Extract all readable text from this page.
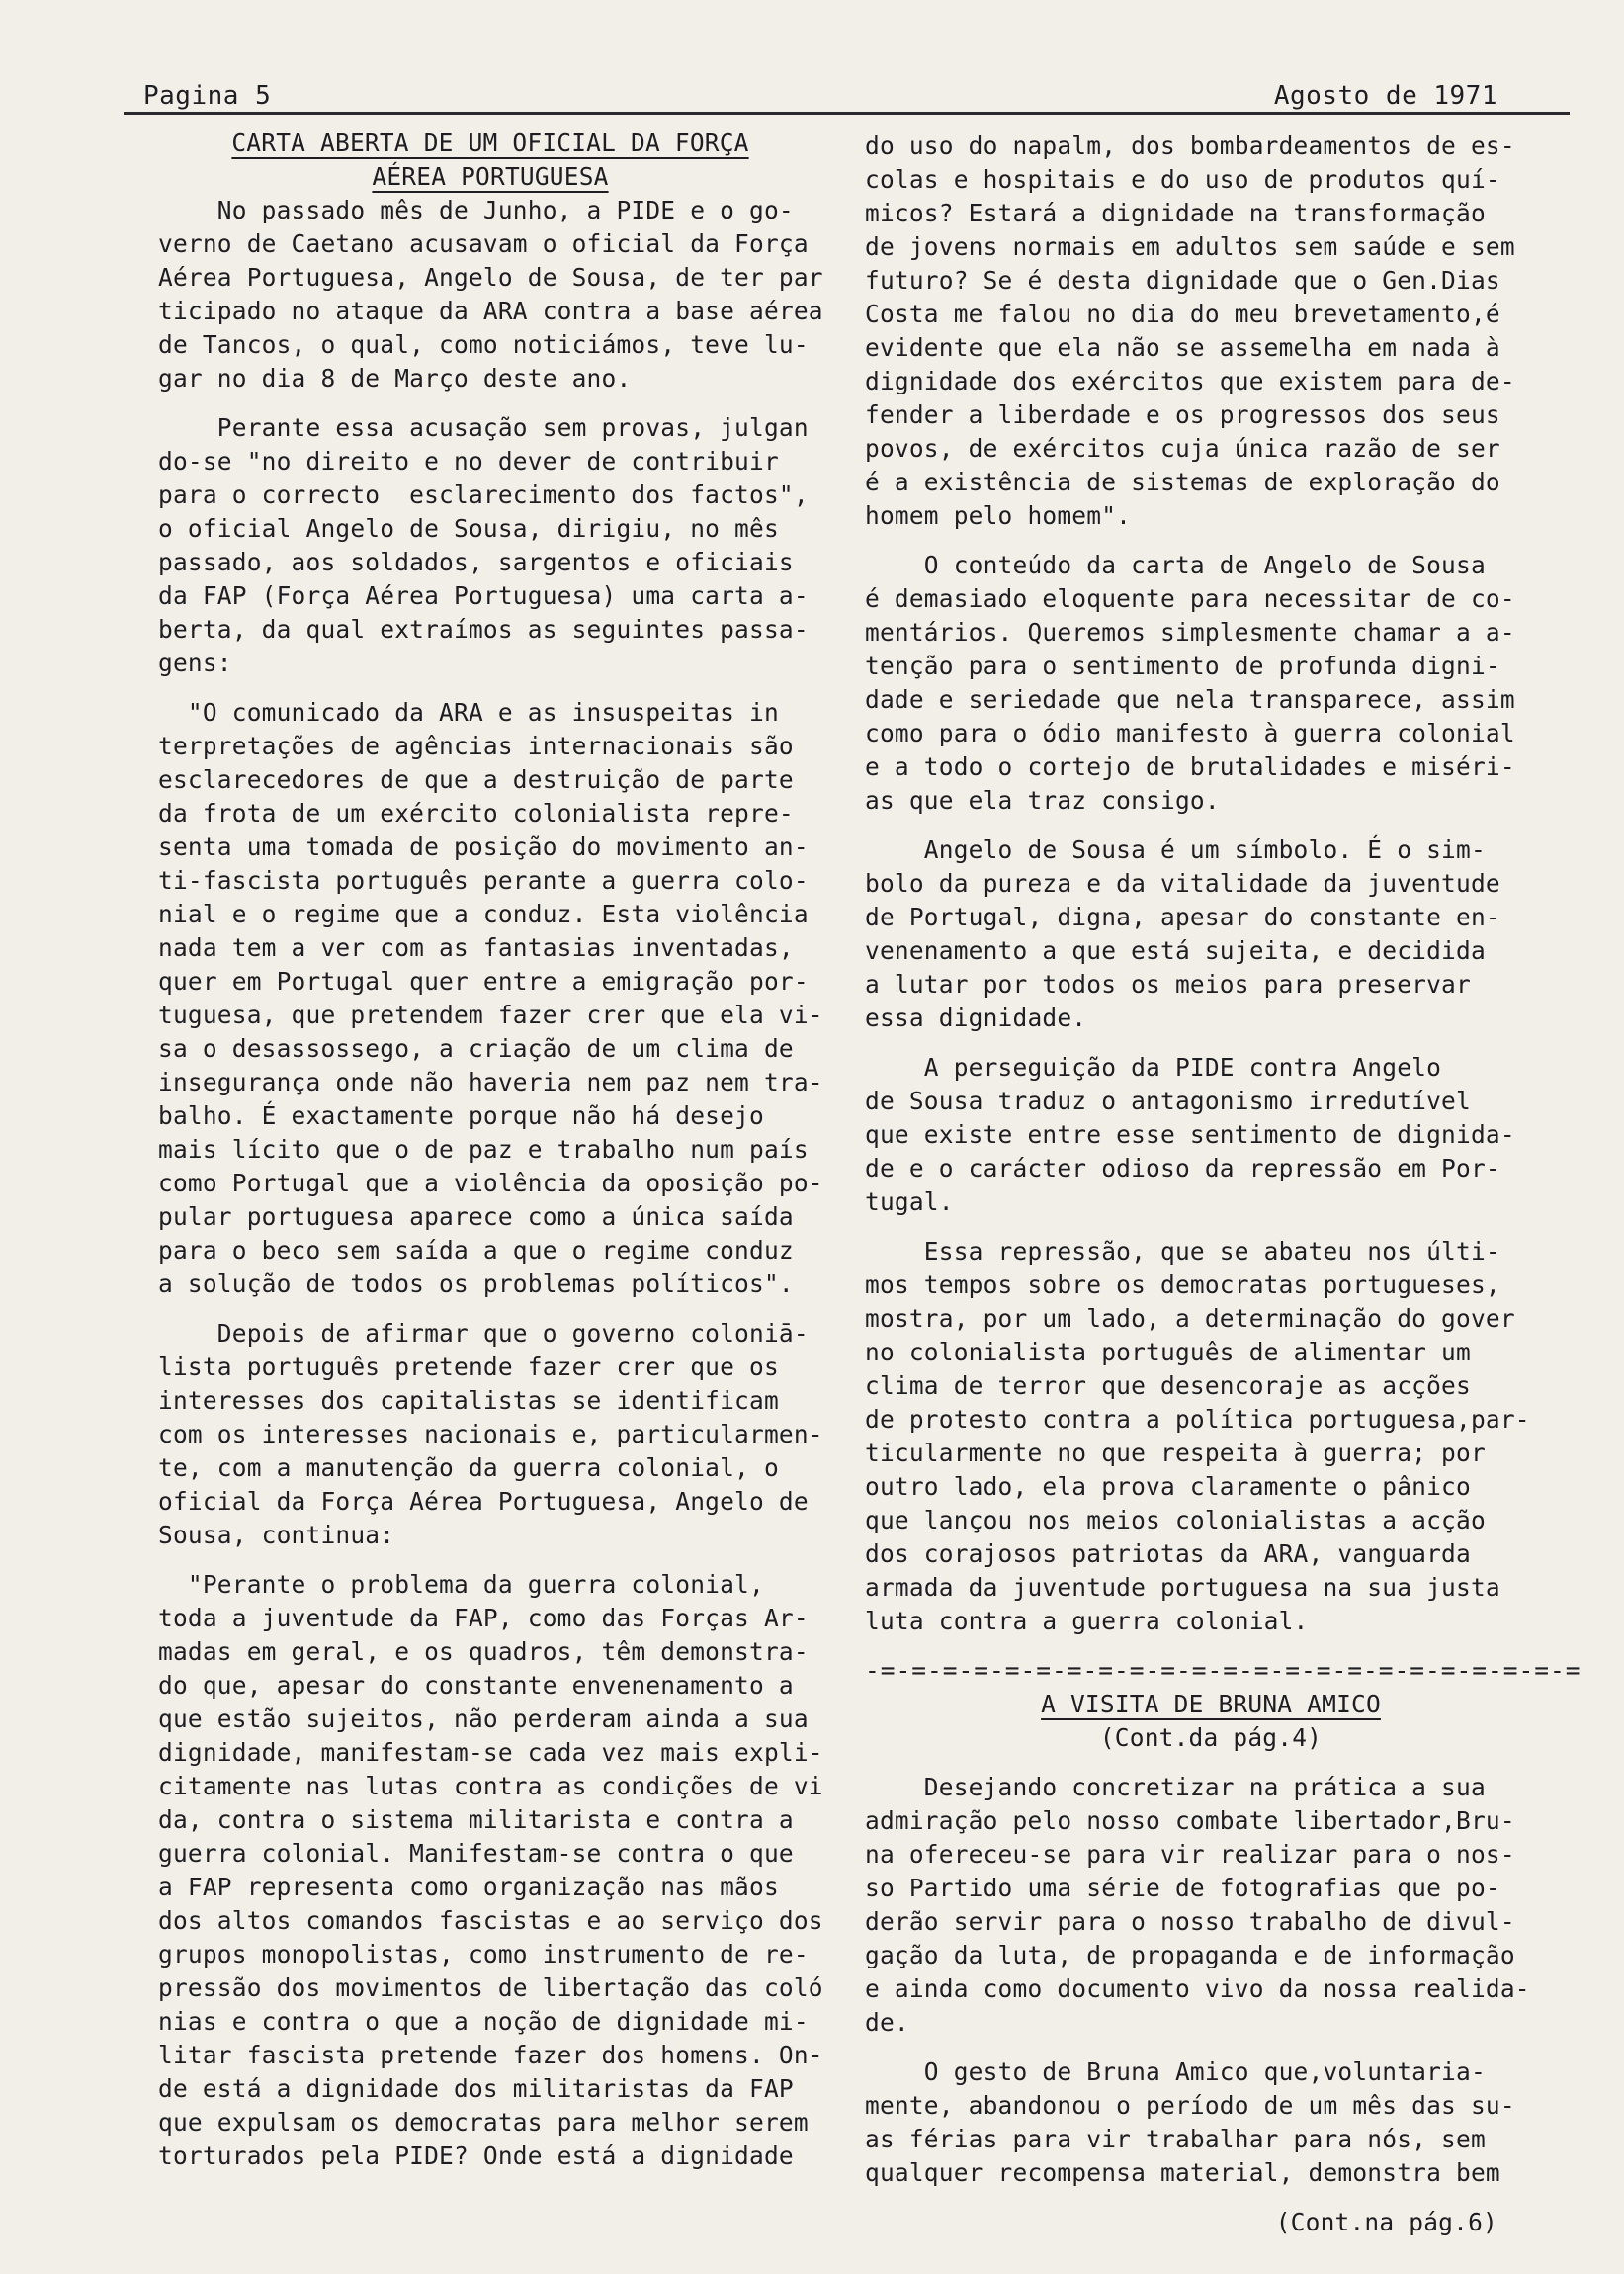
Pagina 5	Agosto de 1971
CARTA ABERTA DE UM OFICIAL DA FORÇA
AÉREA PORTUGUESA
No passado mês de Junho, a PIDE e o go-
verno de Caetano acusavam o oficial da Força
Aérea Portuguesa, Angelo de Sousa, de ter par
ticipado no ataque da ARA contra a base aérea
de Tancos, o qual, como noticiámos, teve lu-
gar no dia 8 de Março deste ano.
Perante essa acusação sem provas, julgan
do-se "no direito e no dever de contribuir
para o correcto  esclarecimento dos factos",
o oficial Angelo de Sousa, dirigiu, no mês
passado, aos soldados, sargentos e oficiais
da FAP (Força Aérea Portuguesa) uma carta a-
berta, da qual extraímos as seguintes passa-
gens:
"O comunicado da ARA e as insuspeitas in
terpretações de agências internacionais são
esclarecedores de que a destruição de parte
da frota de um exército colonialista repre-
senta uma tomada de posição do movimento an-
ti-fascista português perante a guerra colo-
nial e o regime que a conduz. Esta violência
nada tem a ver com as fantasias inventadas,
quer em Portugal quer entre a emigração por-
tuguesa, que pretendem fazer crer que ela vi-
sa o desassossego, a criação de um clima de
insegurança onde não haveria nem paz nem tra-
balho. É exactamente porque não há desejo
mais lícito que o de paz e trabalho num país
como Portugal que a violência da oposição po-
pular portuguesa aparece como a única saída
para o beco sem saída a que o regime conduz
a solução de todos os problemas políticos".
Depois de afirmar que o governo coloniā-
lista português pretende fazer crer que os
interesses dos capitalistas se identificam
com os interesses nacionais e, particularmen-
te, com a manutenção da guerra colonial, o
oficial da Força Aérea Portuguesa, Angelo de
Sousa, continua:
"Perante o problema da guerra colonial,
toda a juventude da FAP, como das Forças Ar-
madas em geral, e os quadros, têm demonstra-
do que, apesar do constante envenenamento a
que estão sujeitos, não perderam ainda a sua
dignidade, manifestam-se cada vez mais expli-
citamente nas lutas contra as condições de vi
da, contra o sistema militarista e contra a
guerra colonial. Manifestam-se contra o que
a FAP representa como organização nas mãos
dos altos comandos fascistas e ao serviço dos
grupos monopolistas, como instrumento de re-
pressão dos movimentos de libertação das coló
nias e contra o que a noção de dignidade mi-
litar fascista pretende fazer dos homens. On-
de está a dignidade dos militaristas da FAP
que expulsam os democratas para melhor serem
torturados pela PIDE? Onde está a dignidade
do uso do napalm, dos bombardeamentos de es-
colas e hospitais e do uso de produtos quí-
micos? Estará a dignidade na transformação
de jovens normais em adultos sem saúde e sem
futuro? Se é desta dignidade que o Gen.Dias
Costa me falou no dia do meu brevetamento,é
evidente que ela não se assemelha em nada à
dignidade dos exércitos que existem para de-
fender a liberdade e os progressos dos seus
povos, de exércitos cuja única razão de ser
é a existência de sistemas de exploração do
homem pelo homem".
O conteúdo da carta de Angelo de Sousa
é demasiado eloquente para necessitar de co-
mentários. Queremos simplesmente chamar a a-
tenção para o sentimento de profunda digni-
dade e seriedade que nela transparece, assim
como para o ódio manifesto à guerra colonial
e a todo o cortejo de brutalidades e miséri-
as que ela traz consigo.
Angelo de Sousa é um símbolo. É o sim-
bolo da pureza e da vitalidade da juventude
de Portugal, digna, apesar do constante en-
venenamento a que está sujeita, e decidida
a lutar por todos os meios para preservar
essa dignidade.
A perseguição da PIDE contra Angelo
de Sousa traduz o antagonismo irredutível
que existe entre esse sentimento de dignida-
de e o carácter odioso da repressão em Por-
tugal.
Essa repressão, que se abateu nos últi-
mos tempos sobre os democratas portugueses,
mostra, por um lado, a determinação do gover
no colonialista português de alimentar um
clima de terror que desencoraje as acções
de protesto contra a política portuguesa,par-
ticularmente no que respeita à guerra; por
outro lado, ela prova claramente o pânico
que lançou nos meios colonialistas a acção
dos corajosos patriotas da ARA, vanguarda
armada da juventude portuguesa na sua justa
luta contra a guerra colonial.
-=-=-=-=-=-=-=-=-=-=-=-=-=-=-=-=-=-=-=-=-=-=-=
A VISITA DE BRUNA AMICO
(Cont.da pág.4)
Desejando concretizar na prática a sua
admiração pelo nosso combate libertador,Bru-
na ofereceu-se para vir realizar para o nos-
so Partido uma série de fotografias que po-
derão servir para o nosso trabalho de divul-
gação da luta, de propaganda e de informação
e ainda como documento vivo da nossa realida-
de.
O gesto de Bruna Amico que,voluntaria-
mente, abandonou o período de um mês das su-
as férias para vir trabalhar para nós, sem
qualquer recompensa material, demonstra bem
(Cont.na pág.6)
